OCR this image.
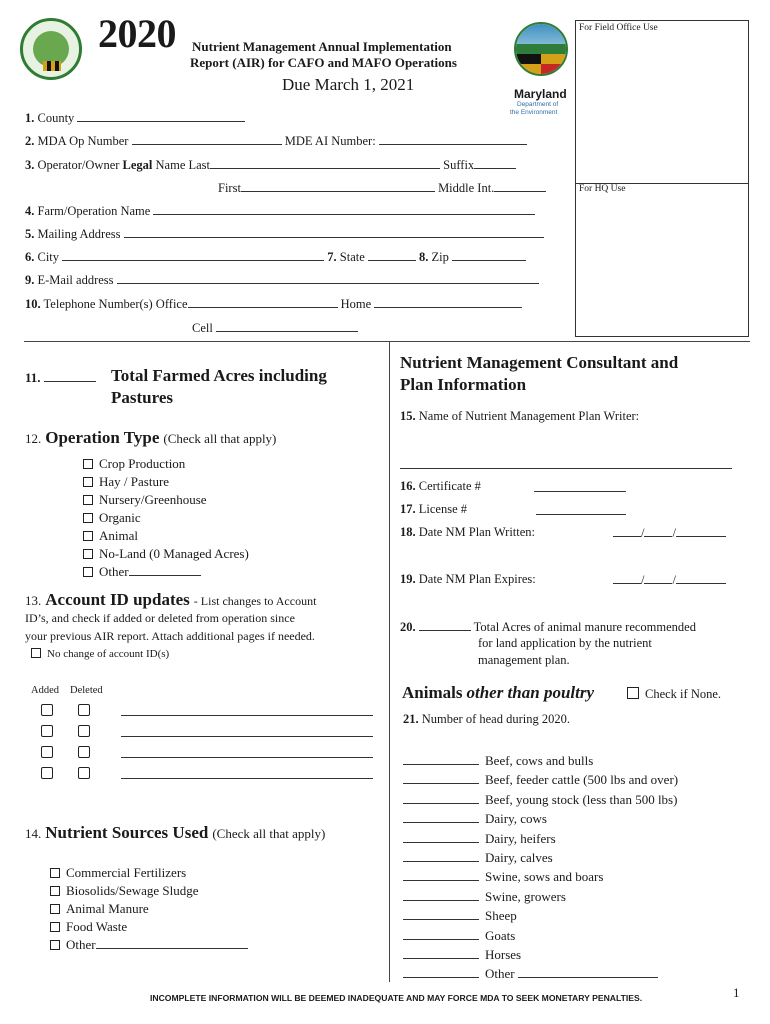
2020 Nutrient Management Annual Implementation
Report (AIR) for CAFO and MAFO Operations
Due March 1, 2021	Maryland
Department of
the Environment
For Field Office Use
For HQ Use
1. County
2. MDA Op Number	MDE AI Number:
3. Operator/Owner Legal Name Last	Suffix
First	Middle Int.
4. Farm/Operation Name
5. Mailing Address
6. City	7. State	8. Zip
9. E-Mail address
10. Telephone Number(s) Office	Home
Cell
11.	Total Farmed Acres including
Pastures
12. Operation Type (Check all that apply)
Crop Production
Hay / Pasture
Nursery/Greenhouse
Organic
Animal
No-Land (0 Managed Acres)
Other
13. Account ID updates - List changes to Account
ID’s, and check if added or deleted from operation since
your previous AIR report. Attach additional pages if needed.
No change of account ID(s)
Added Deleted
14. Nutrient Sources Used (Check all that apply)
Commercial Fertilizers
Biosolids/Sewage Sludge
Animal Manure
Food Waste
Other
Nutrient Management Consultant and
Plan Information
15. Name of Nutrient Management Plan Writer:
16. Certificate #
17. License #
18. Date NM Plan Written:	/ /
19. Date NM Plan Expires:	/ /
20.	Total Acres of animal manure recommended
for land application by the nutrient
management plan.
Animals other than poultry	Check if None.
21. Number of head during 2020.
Beef, cows and bulls
Beef, feeder cattle (500 lbs and over)
Beef, young stock (less than 500 lbs)
Dairy, cows
Dairy, heifers
Dairy, calves
Swine, sows and boars
Swine, growers
Sheep
Goats
Horses
Other
INCOMPLETE INFORMATION WILL BE DEEMED INADEQUATE AND MAY FORCE MDA TO SEEK MONETARY PENALTIES.	1
